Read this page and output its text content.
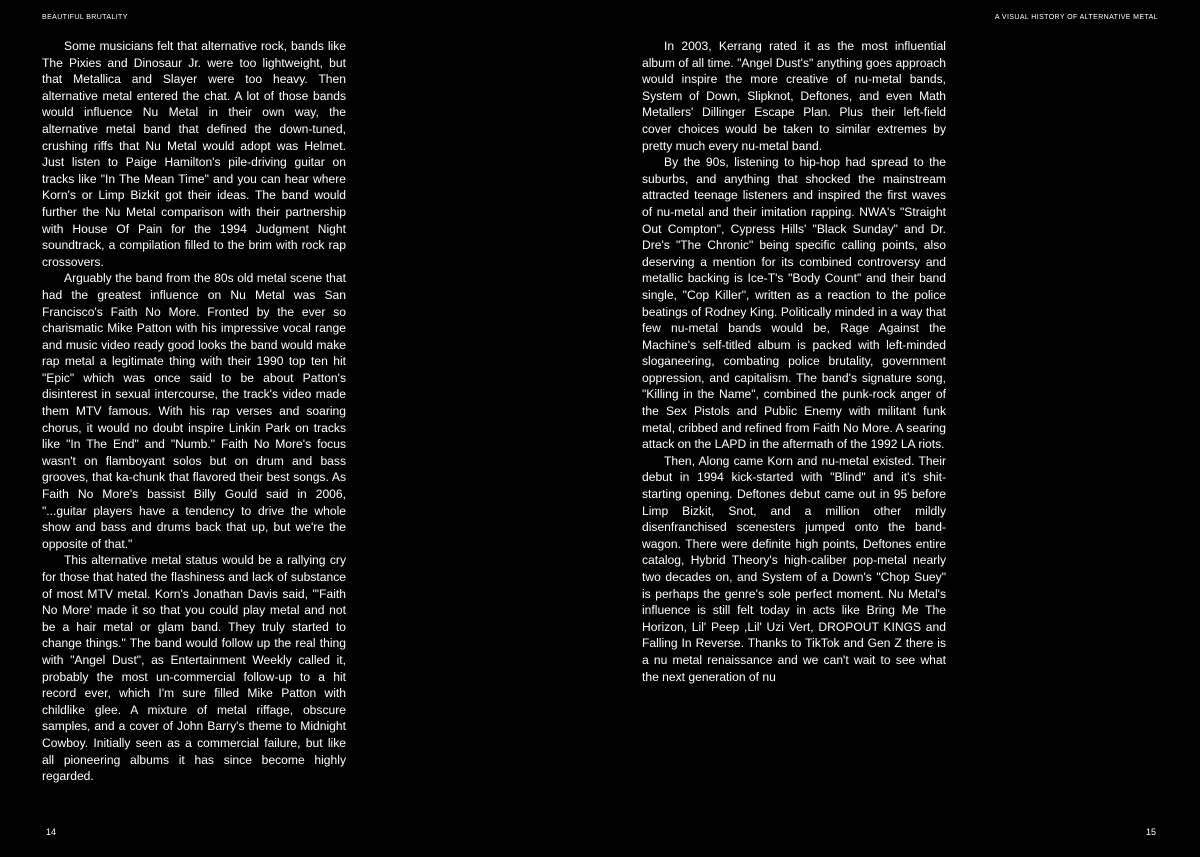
BEAUTIFUL BRUTALITY	A VISUAL HISTORY OF ALTERNATIVE METAL

Some musicians felt that alternative rock, bands like The Pixies and Dinosaur Jr. were too lightweight, but that Metallica and Slayer were too heavy. Then alternative metal entered the chat. A lot of those bands would influence Nu Metal in their own way, the alternative metal band that defined the down-tuned, crushing riffs that Nu Metal would adopt was Helmet. Just listen to Paige Hamilton's pile-driving guitar on tracks like "In The Mean Time" and you can hear where Korn's or Limp Bizkit got their ideas. The band would further the Nu Metal comparison with their partnership with House Of Pain for the 1994 Judgment Night soundtrack, a compilation filled to the brim with rock rap crossovers.

Arguably the band from the 80s old metal scene that had the greatest influence on Nu Metal was San Francisco's Faith No More. Fronted by the ever so charismatic Mike Patton with his impressive vocal range and music video ready good looks the band would make rap metal a legitimate thing with their 1990 top ten hit "Epic" which was once said to be about Patton's disinterest in sexual intercourse, the track's video made them MTV famous. With his rap verses and soaring chorus, it would no doubt inspire Linkin Park on tracks like "In The End" and "Numb." Faith No More's focus wasn't on flamboyant solos but on drum and bass grooves, that ka-chunk that flavored their best songs. As Faith No More's bassist Billy Gould said in 2006, "...guitar players have a tendency to drive the whole show and bass and drums back that up, but we're the opposite of that."

This alternative metal status would be a rallying cry for those that hated the flashiness and lack of substance of most MTV metal. Korn's Jonathan Davis said, "'Faith No More' made it so that you could play metal and not be a hair metal or glam band. They truly started to change things." The band would follow up the real thing with "Angel Dust", as Entertainment Weekly called it, probably the most un-commercial follow-up to a hit record ever, which I'm sure filled Mike Patton with childlike glee. A mixture of metal riffage, obscure samples, and a cover of John Barry's theme to Midnight Cowboy. Initially seen as a commercial failure, but like all pioneering albums it has since become highly regarded.

In 2003, Kerrang rated it as the most influential album of all time. "Angel Dust's" anything goes approach would inspire the more creative of nu-metal bands, System of Down, Slipknot, Deftones, and even Math Metallers' Dillinger Escape Plan. Plus their left-field cover choices would be taken to similar extremes by pretty much every nu-metal band.

By the 90s, listening to hip-hop had spread to the suburbs, and anything that shocked the mainstream attracted teenage listeners and inspired the first waves of nu-metal and their imitation rapping. NWA's "Straight Out Compton", Cypress Hills' "Black Sunday" and Dr. Dre's "The Chronic" being specific calling points, also deserving a mention for its combined controversy and metallic backing is Ice-T's "Body Count" and their band single, "Cop Killer", written as a reaction to the police beatings of Rodney King. Politically minded in a way that few nu-metal bands would be, Rage Against the Machine's self-titled album is packed with left-minded sloganeering, combating police brutality, government oppression, and capitalism. The band's signature song, "Killing in the Name", combined the punk-rock anger of the Sex Pistols and Public Enemy with militant funk metal, cribbed and refined from Faith No More. A searing attack on the LAPD in the aftermath of the 1992 LA riots.

Then, Along came Korn and nu-metal existed. Their debut in 1994 kick-started with "Blind" and it's shit-starting opening. Deftones debut came out in 95 before Limp Bizkit, Snot, and a million other mildly disenfranchised scenesters jumped onto the bandwagon. There were definite high points, Deftones entire catalog, Hybrid Theory's high-caliber pop-metal nearly two decades on, and System of a Down's "Chop Suey" is perhaps the genre's sole perfect moment. Nu Metal's influence is still felt today in acts like Bring Me The Horizon, Lil' Peep ,Lil' Uzi Vert, DROPOUT KINGS and Falling In Reverse. Thanks to TikTok and Gen Z there is a nu metal renaissance and we can't wait to see what the next generation of nu

14	15
